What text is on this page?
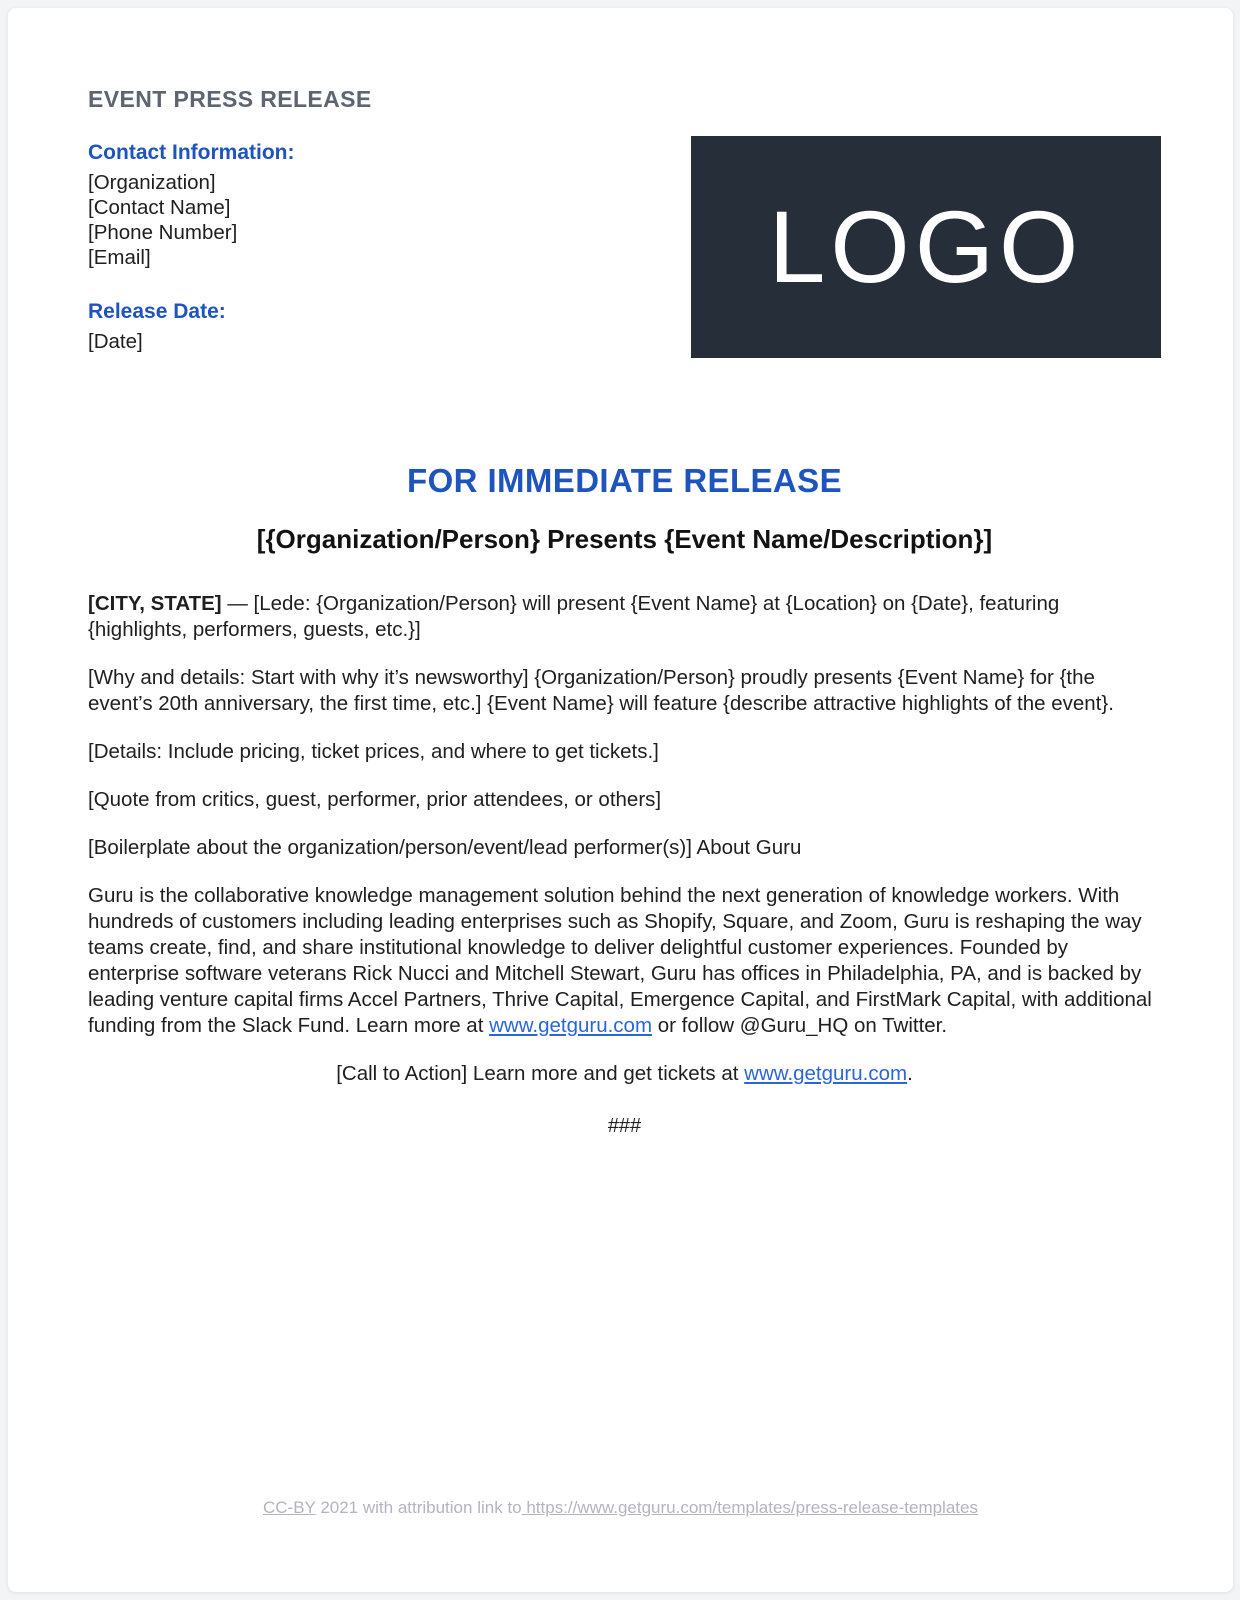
EVENT PRESS RELEASE
Contact Information:
[Organization]
[Contact Name]
[Phone Number]
[Email]
Release Date:
[Date]
LOGO
FOR IMMEDIATE RELEASE
[{Organization/Person} Presents {Event Name/Description}]

[CITY, STATE] — [Lede: {Organization/Person} will present {Event Name} at {Location} on {Date}, featuring {highlights, performers, guests, etc.}]

[Why and details: Start with why it’s newsworthy] {Organization/Person} proudly presents {Event Name} for {the event’s 20th anniversary, the first time, etc.] {Event Name} will feature {describe attractive highlights of the event}.

[Details: Include pricing, ticket prices, and where to get tickets.]

[Quote from critics, guest, performer, prior attendees, or others]

[Boilerplate about the organization/person/event/lead performer(s)] About Guru

Guru is the collaborative knowledge management solution behind the next generation of knowledge workers. With hundreds of customers including leading enterprises such as Shopify, Square, and Zoom, Guru is reshaping the way teams create, find, and share institutional knowledge to deliver delightful customer experiences. Founded by enterprise software veterans Rick Nucci and Mitchell Stewart, Guru has offices in Philadelphia, PA, and is backed by leading venture capital firms Accel Partners, Thrive Capital, Emergence Capital, and FirstMark Capital, with additional funding from the Slack Fund. Learn more at www.getguru.com or follow @Guru_HQ on Twitter.

[Call to Action] Learn more and get tickets at www.getguru.com.

###
CC-BY 2021 with attribution link to https://www.getguru.com/templates/press-release-templates
